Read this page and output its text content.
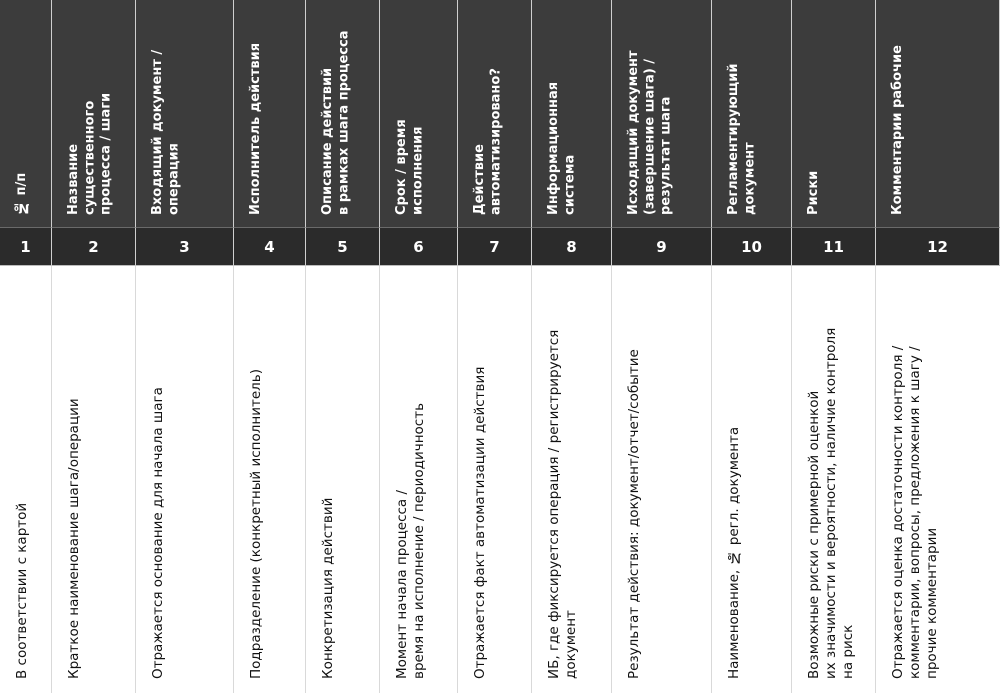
№ п/п	Название
существенного
процесса / шаги
Входящий документ /
операция	Исполнитель действия	Описание действий
в рамках шага процесса
Срок / время
исполнения	Действие
автоматизировано?	Информационная
система	Исходящий документ
(завершение шага) /
результат шага	Регламентирующий
документ	Риски	Комментарии рабочие
1	2	3	4	5	6	7	8	9	10	11	12
В соответствии с картой	Краткое наименование шага/операции	Отражается основание для начала шага	Подразделение (конкретный исполнитель)	Конкретизация действий	Момент начала процесса /
время на исполнение / периодичность	Отражается факт автоматизации действия	ИБ, где фиксируется операция / регистрируется
документ	Результат действия: документ/отчет/событие	Наименование, № регл. документа	Возможные риски с примерной оценкой
их значимости и вероятности, наличие контроля
на риск	Отражается оценка достаточности контроля /
комментарии, вопросы, предложения к шагу /
прочие комментарии
